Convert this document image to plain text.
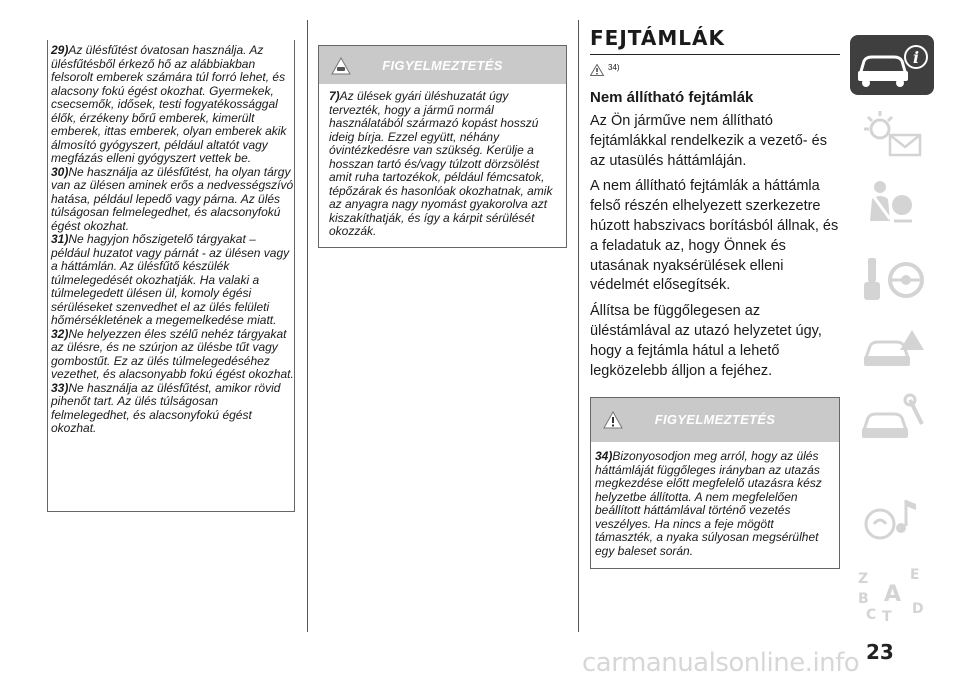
29)Az ülésfűtést óvatosan használja. Az ülésfűtésből érkező hő az alábbiakban felsorolt emberek számára túl forró lehet, és alacsony fokú égést okozhat. Gyermekek, csecsemők, idősek, testi fogyatékossággal élők, érzékeny bőrű emberek, kimerült emberek, ittas emberek, olyan emberek akik álmosító gyógyszert, például altatót vagy megfázás elleni gyógyszert vettek be.
30)Ne használja az ülésfűtést, ha olyan tárgy van az ülésen aminek erős a nedvességszívó hatása, például lepedő vagy párna. Az ülés túlságosan felmelegedhet, és alacsonyfokú égést okozhat.
31)Ne hagyjon hőszigetelő tárgyakat – például huzatot vagy párnát - az ülésen vagy a háttámlán. Az ülésfűtő készülék túlmelegedését okozhatják. Ha valaki a túlmelegedett ülésen ül, komoly égési sérüléseket szenvedhet el az ülés felületi hőmérsékletének a megemelkedése miatt.
32)Ne helyezzen éles szélű nehéz tárgyakat az ülésre, és ne szúrjon az ülésbe tűt vagy gombostűt. Ez az ülés túlmelegedéséhez vezethet, és alacsonyabb fokú égést okozhat.
33)Ne használja az ülésfűtést, amikor rövid pihenőt tart. Az ülés túlságosan felmelegedhet, és alacsonyfokú égést okozhat.
FIGYELMEZTETÉS
7)Az ülések gyári üléshuzatát úgy tervezték, hogy a jármű normál használatából származó kopást hosszú ideig bírja. Ezzel együtt, néhány óvintézkedésre van szükség. Kerülje a hosszan tartó és/vagy túlzott dörzsölést amit ruha tartozékok, például fémcsatok, tépőzárak és hasonlóak okozhatnak, amik az anyagra nagy nyomást gyakorolva azt kiszakíthatják, és így a kárpit sérülését okozzák.
FEJTÁMLÁK
$^{34)}$
Nem állítható fejtámlák

Az Ön járműve nem állítható fejtámlákkal rendelkezik a vezető- és az utasülés háttámláján.

A nem állítható fejtámlák a háttámla felső részén elhelyezett szerkezetre húzott habszivacs borításból állnak, és a feladatuk az, hogy Önnek és utasának nyaksérülések elleni védelmét elősegítsék.

Állítsa be függőlegesen az üléstámlával az utazó helyzetet úgy, hogy a fejtámla hátul a lehető legközelebb álljon a fejéhez.

FIGYELMEZTETÉS
34)Bizonyosodjon meg arról, hogy az ülés háttámláját függőleges irányban az utazás megkezdése előtt megfelelő utazásra kész helyzetbe állította. A nem megfelelően beállított háttámlával történő vezetés veszélyes. Ha nincs a feje mögött támaszték, a nyaka súlyosan megsérülhet egy baleset során.
i
Z	E
B A
C T D
23
carmanualsonline.info
